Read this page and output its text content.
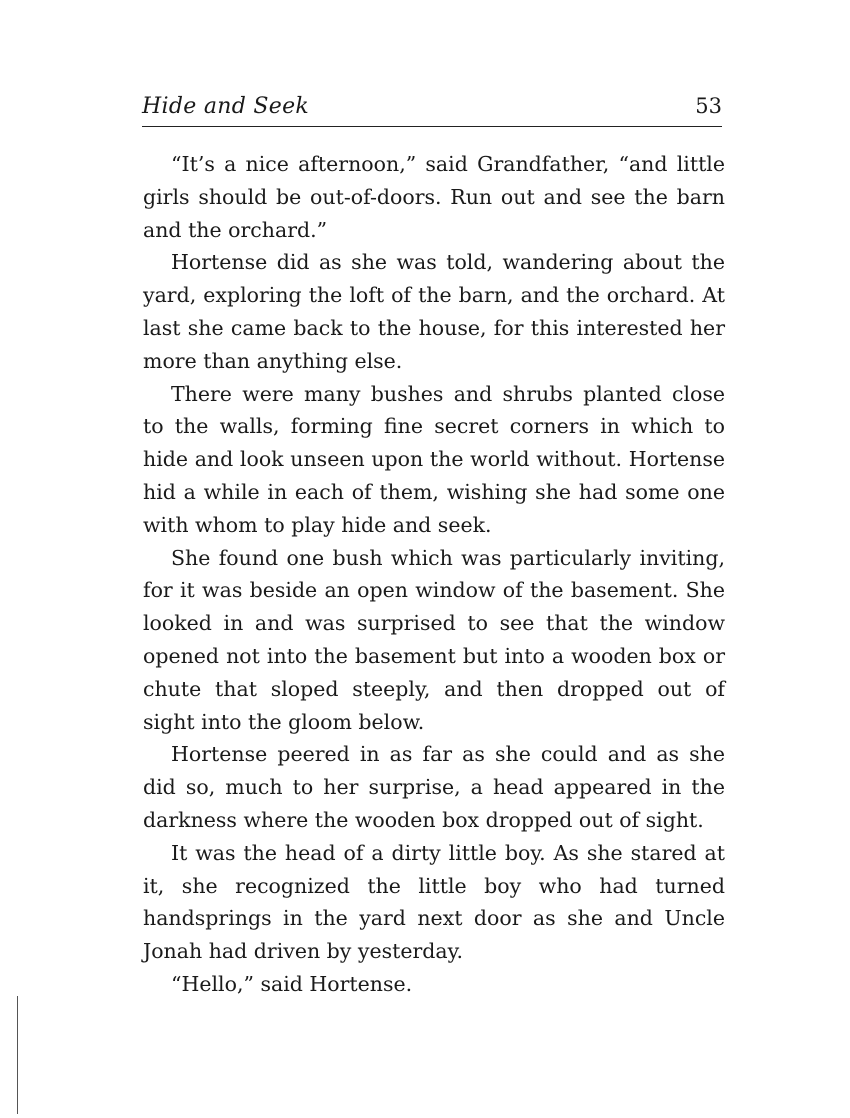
Hide and Seek	53

“It’s a nice afternoon,” said Grandfather, “and little girls should be out-of-doors. Run out and see the barn and the orchard.”

Hortense did as she was told, wandering about the yard, exploring the loft of the barn, and the orchard. At last she came back to the house, for this interested her more than anything else.

There were many bushes and shrubs planted close to the walls, forming fine secret corners in which to hide and look unseen upon the world without. Hortense hid a while in each of them, wishing she had some one with whom to play hide and seek.

She found one bush which was particularly inviting, for it was beside an open window of the basement. She looked in and was surprised to see that the window opened not into the basement but into a wooden box or chute that sloped steeply, and then dropped out of sight into the gloom below.

Hortense peered in as far as she could and as she did so, much to her surprise, a head appeared in the darkness where the wooden box dropped out of sight.

It was the head of a dirty little boy. As she stared at it, she recognized the little boy who had turned handsprings in the yard next door as she and Uncle Jonah had driven by yesterday.

“Hello,” said Hortense.
